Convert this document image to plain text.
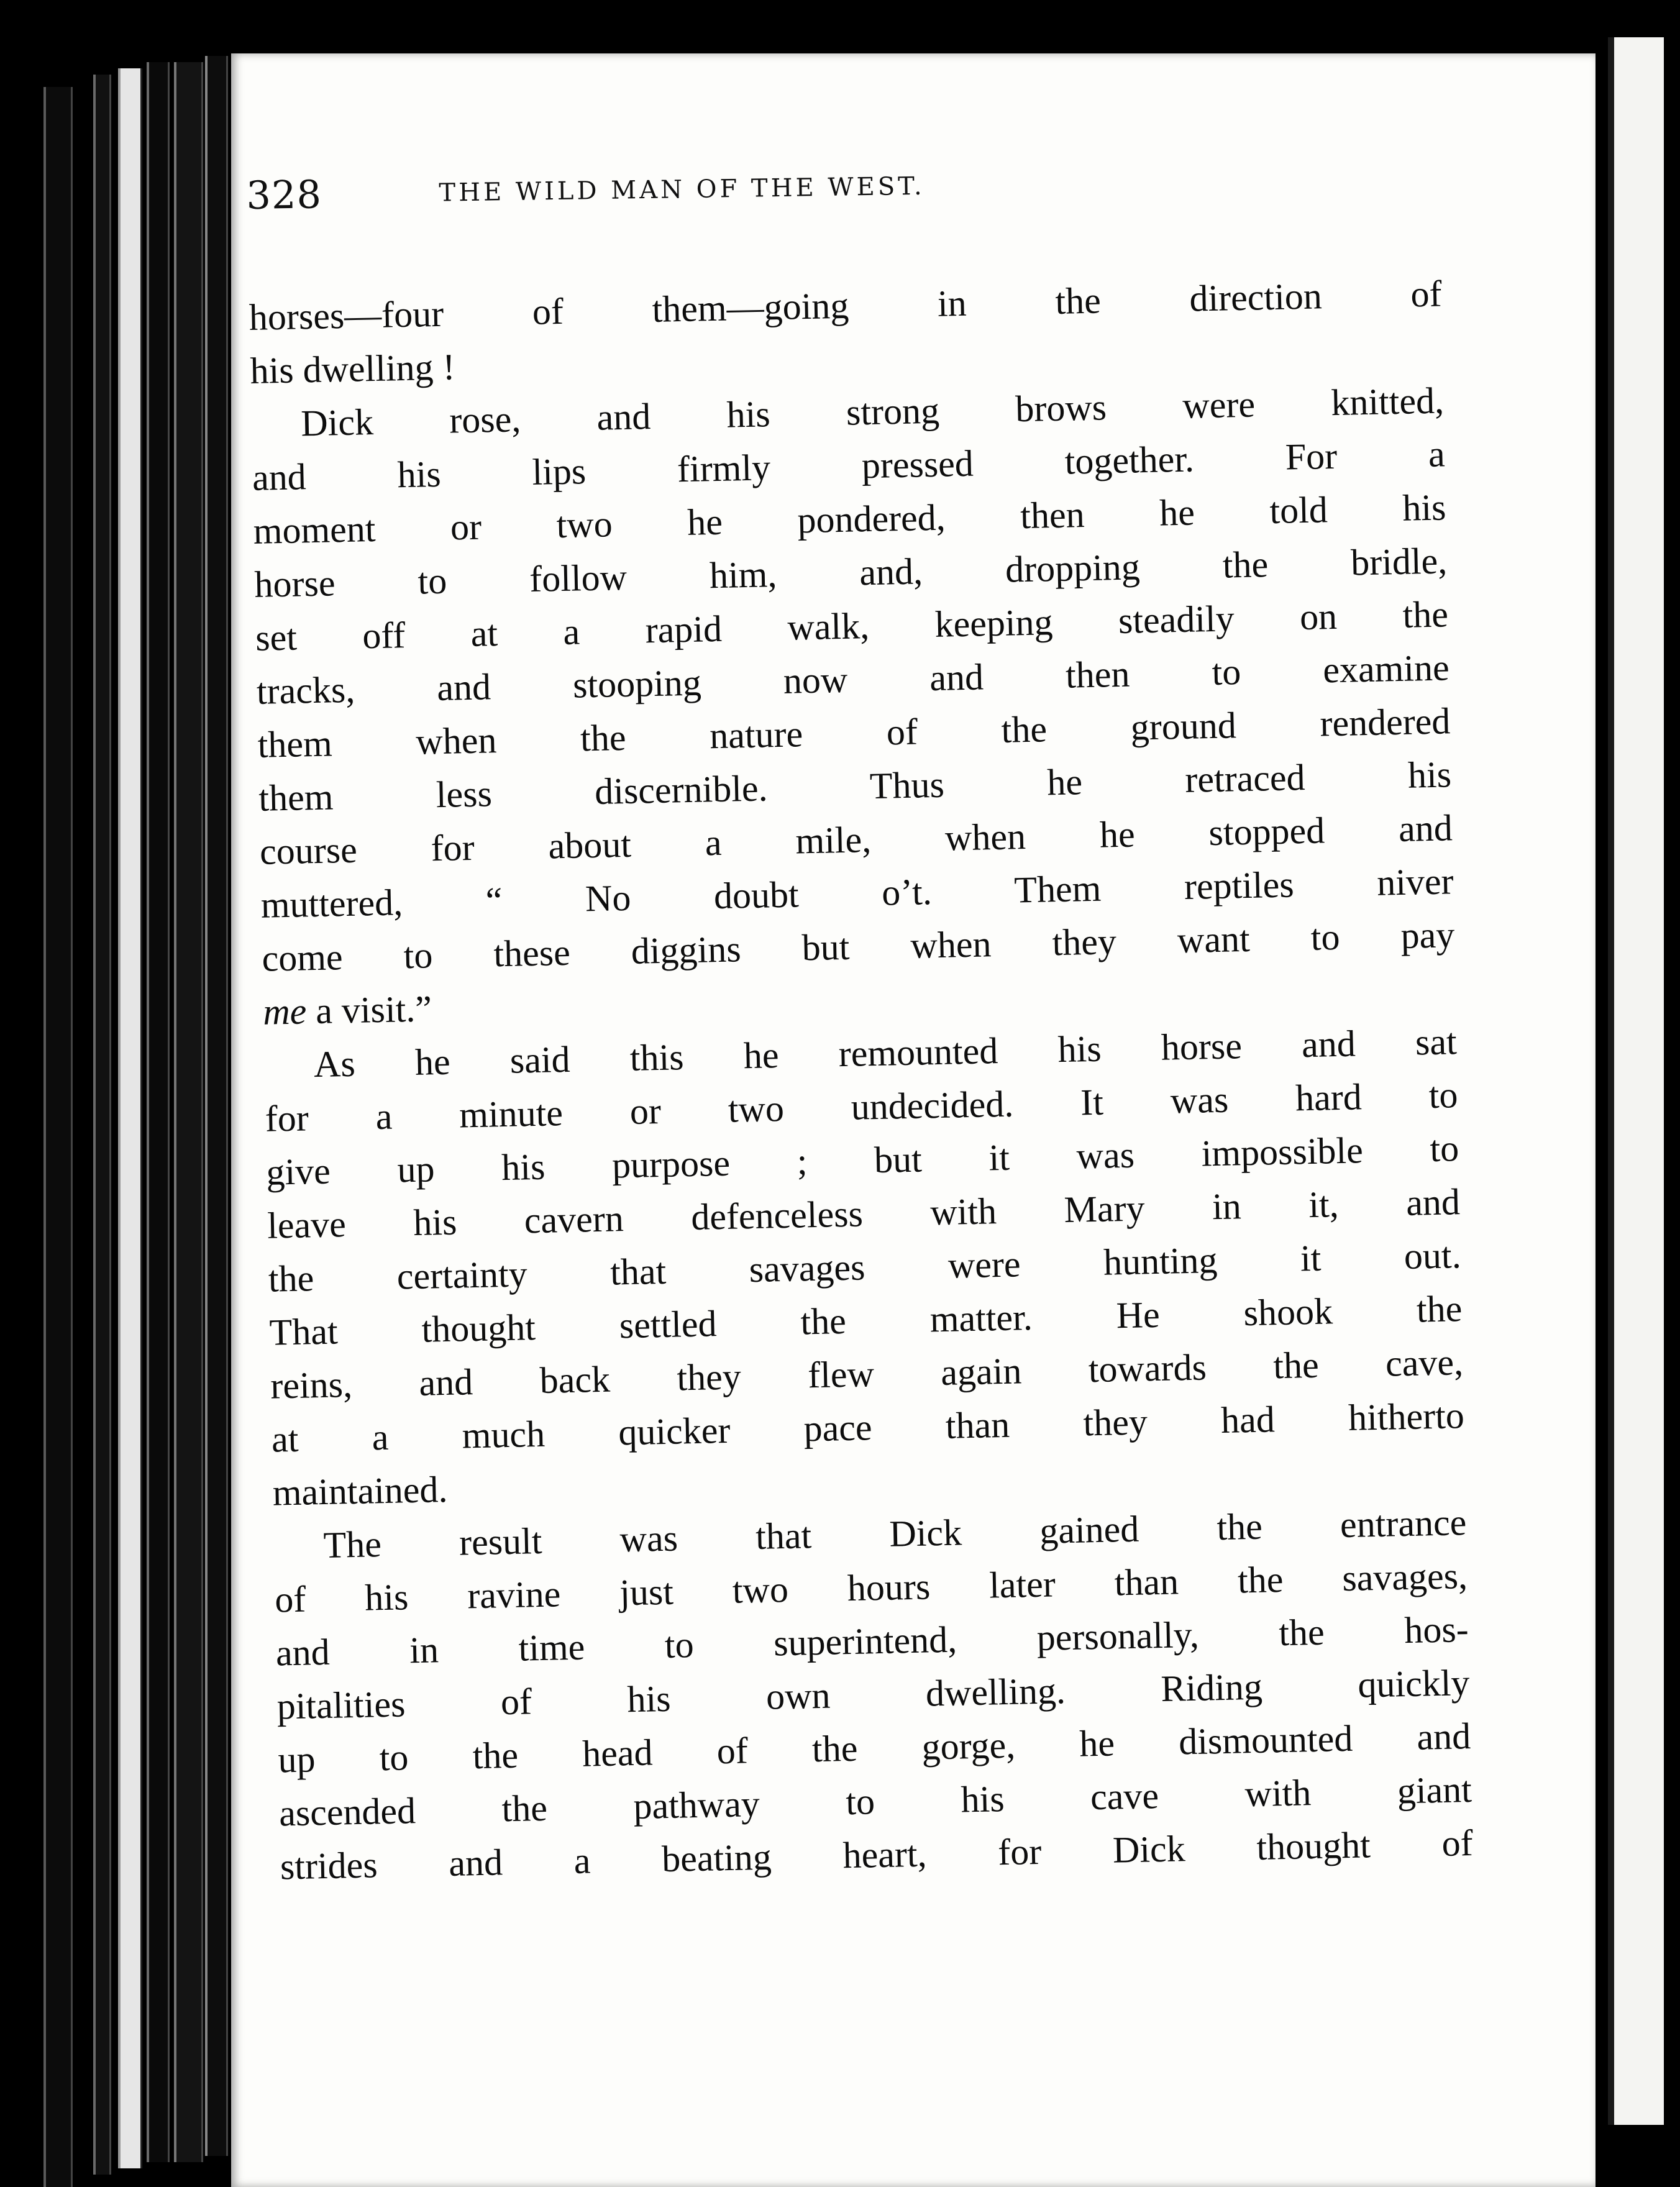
328	THE WILD MAN OF THE WEST.
horses—four of them—going in the direction of
his dwelling !
Dick rose, and his strong brows were knitted,
and his lips firmly pressed together. For a
moment or two he pondered, then he told his
horse to follow him, and, dropping the bridle,
set off at a rapid walk, keeping steadily on the
tracks, and stooping now and then to examine
them when the nature of the ground rendered
them less discernible. Thus he retraced his
course for about a mile, when he stopped and
muttered, “ No doubt o’t. Them reptiles niver
come to these diggins but when they want to pay
me a visit.”
As he said this he remounted his horse and sat
for a minute or two undecided. It was hard to
give up his purpose ; but it was impossible to
leave his cavern defenceless with Mary in it, and
the certainty that savages were hunting it out.
That thought settled the matter. He shook the
reins, and back they flew again towards the cave,
at a much quicker pace than they had hitherto
maintained.
The result was that Dick gained the entrance
of his ravine just two hours later than the savages,
and in time to superintend, personally, the hos-
pitalities of his own dwelling. Riding quickly
up to the head of the gorge, he dismounted and
ascended the pathway to his cave with giant
strides and a beating heart, for Dick thought of
